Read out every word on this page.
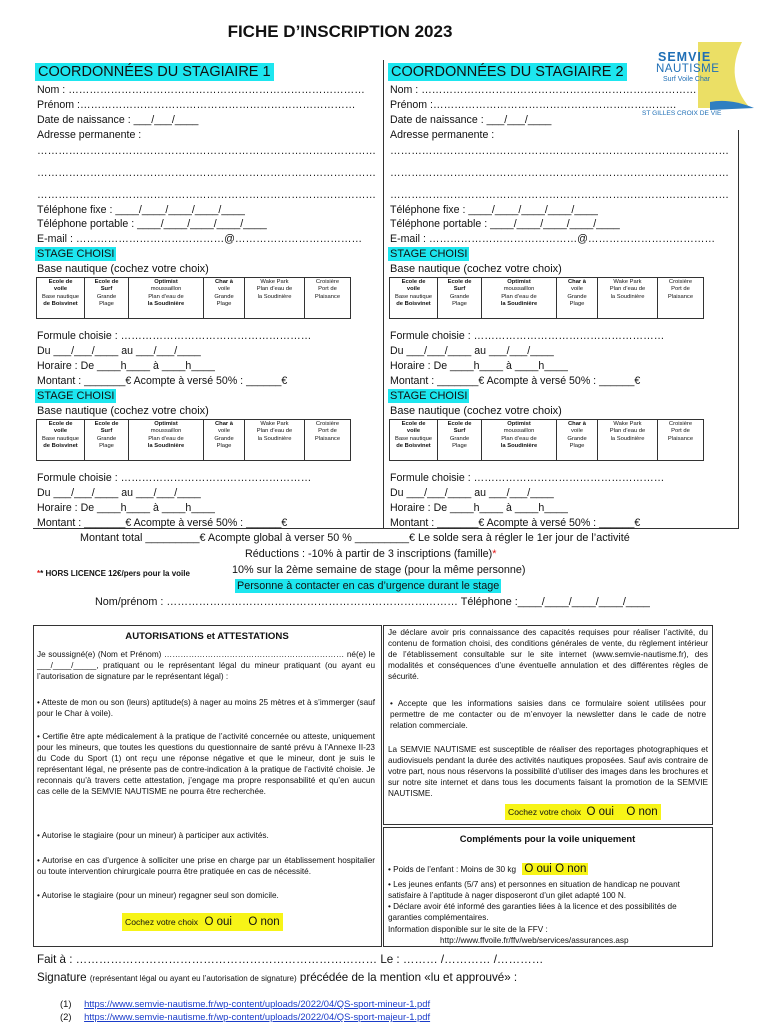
FICHE D’INSCRIPTION 2023
SEMVIE
NAUTISME
Surf Voile Char
ST GILLES CROIX DE VIE
COORDONNÉES DU STAGIAIRE 1
Nom : …………………………………………………………………………
Prénom :……………………………………………………………………
Date de naissance : ___/___/____
Adresse permanente :
……………………………………………………………………………………
……………………………………………………………………………………
……………………………………………………………………………………
Téléphone fixe : ____/____/____/____/____
Téléphone portable : ____/____/____/____/____
E-mail : ……………………………………@………………………………
COORDONNÉES DU STAGIAIRE 2
Nom : ……………………………………………………………………
Prénom :……………………………………………………………
Date de naissance : ___/___/____
Adresse permanente :
……………………………………………………………………………………
……………………………………………………………………………………
……………………………………………………………………………………
Téléphone fixe : ____/____/____/____/____
Téléphone portable : ____/____/____/____/____
E-mail : ……………………………………@………………………………
STAGE CHOISI
Base nautique (cochez votre choix)
Ecole de
voile
Base nautique
de Boisvinet

Ecole de
Surf
Grande
Plage

Optimist
moussaillon
Plan d’eau de
la Soudinière

Char à
voile
Grande
Plage

Wake Park
Plan d’eau de
la Soudinière

Croisière
Port de
Plaisance
Formule choisie : ………………………………………………
Du ___/___/____ au ___/___/____
Horaire : De ____h____ à ____h____
Montant : _______€ Acompte à versé 50% : ______€
STAGE CHOISI
Base nautique (cochez votre choix)
Ecole de
voile
Base nautique
de Boisvinet

Ecole de
Surf
Grande
Plage

Optimist
moussaillon
Plan d’eau de
la Soudinière

Char à
voile
Grande
Plage

Wake Park
Plan d’eau de
la Soudinière

Croisière
Port de
Plaisance
Formule choisie : ………………………………………………
Du ___/___/____ au ___/___/____
Horaire : De ____h____ à ____h____
Montant : _______€ Acompte à versé 50% : ______€
STAGE CHOISI
Base nautique (cochez votre choix)
Ecole de
voile
Base nautique
de Boisvinet

Ecole de
Surf
Grande
Plage

Optimist
moussaillon
Plan d’eau de
la Soudinière

Char à
voile
Grande
Plage

Wake Park
Plan d’eau de
la Soudinière

Croisière
Port de
Plaisance
Formule choisie : ………………………………………………
Du ___/___/____ au ___/___/____
Horaire : De ____h____ à ____h____
Montant : _______€ Acompte à versé 50% : ______€
STAGE CHOISI
Base nautique (cochez votre choix)
Ecole de
voile
Base nautique
de Boisvinet

Ecole de
Surf
Grande
Plage

Optimist
moussaillon
Plan d’eau de
la Soudinière

Char à
voile
Grande
Plage

Wake Park
Plan d’eau de
la Soudinière

Croisière
Port de
Plaisance
Formule choisie : ………………………………………………
Du ___/___/____ au ___/___/____
Horaire : De ____h____ à ____h____
Montant : _______€ Acompte à versé 50% : ______€
Montant total _________€ Acompte global à verser 50 % _________€ Le solde sera à régler le 1er jour de l’activité
Réductions : -10% à partir de 3 inscriptions (famille)*
** HORS LICENCE 12€/pers pour la voile	10% sur la 2ème semaine de stage (pour la même personne)
Personne à contacter en cas d’urgence durant le stage
Nom/prénom : ……………………………………………………………………… Téléphone :____/____/____/____/____
AUTORISATIONS et ATTESTATIONS
Je soussigné(e) (Nom et Prénom) ………………………………………………………… né(e) le ___/____/_____, pratiquant ou le représentant légal du mineur pratiquant (ou ayant eu l’autorisation de signature par le représentant légal) :
• Atteste de mon ou son (leurs) aptitude(s) à nager au moins 25 mètres et à s’immerger (sauf pour le Char à voile).
• Certifie être apte médicalement à la pratique de l’activité concernée ou atteste, uniquement pour les mineurs, que toutes les questions du questionnaire de santé prévu à l’Annexe II-23 du Code du Sport (1) ont reçu une réponse négative et que le mineur, dont je suis le représentant légal, ne présente pas de contre-indication à la pratique de l’activité choisie. Je reconnais qu’à travers cette attestation, j’engage ma propre responsabilité et qu’en aucun cas celle de la SEMVIE NAUTISME ne pourra être recherchée.
• Autorise le stagiaire (pour un mineur) à participer aux activités.
• Autorise en cas d’urgence à solliciter une prise en charge par un établissement hospitalier ou toute intervention chirurgicale pourra être pratiquée en cas de nécessité.
• Autorise le stagiaire (pour un mineur) regagner seul son domicile.
Cochez votre choix O oui O non
Je déclare avoir pris connaissance des capacités requises pour réaliser l’activité, du contenu de formation choisi, des conditions générales de vente, du règlement intérieur de l’établissement consultable sur le site internet (www.semvie-nautisme.fr), des modalités et conséquences d’une éventuelle annulation et des différentes règles de sécurité.
• Accepte que les informations saisies dans ce formulaire soient utilisées pour permettre de me contacter ou de m’envoyer la newsletter dans le cade de notre relation commerciale.
La SEMVIE NAUTISME est susceptible de réaliser des reportages photographiques et audiovisuels pendant la durée des activités nautiques proposées. Sauf avis contraire de votre part, nous nous réservons la possibilité d’utiliser des images dans les brochures et sur notre site internet et dans tous les documents faisant la promotion de la SEMVIE NAUTISME.
Cochez votre choix O oui O non
Compléments pour la voile uniquement
• Poids de l’enfant : Moins de 30 kg O oui O non
• Les jeunes enfants (5/7 ans) et personnes en situation de handicap ne pouvant satisfaire à l’aptitude à nager disposeront d’un gilet adapté 100 N.
• Déclare avoir été informé des garanties liées à la licence et des possibilités de garanties complémentaires.
Information disponible sur le site de la FFV :
http://www.ffvoile.fr/ffv/web/services/assurances.asp
Fait à : …………………………………………………………………… Le : ……… /………… /…………
Signature (représentant légal ou ayant eu l’autorisation de signature) précédée de la mention «lu et approuvé» :
(1) https://www.semvie-nautisme.fr/wp-content/uploads/2022/04/QS-sport-mineur-1.pdf
(2) https://www.semvie-nautisme.fr/wp-content/uploads/2022/04/QS-sport-majeur-1.pdf
